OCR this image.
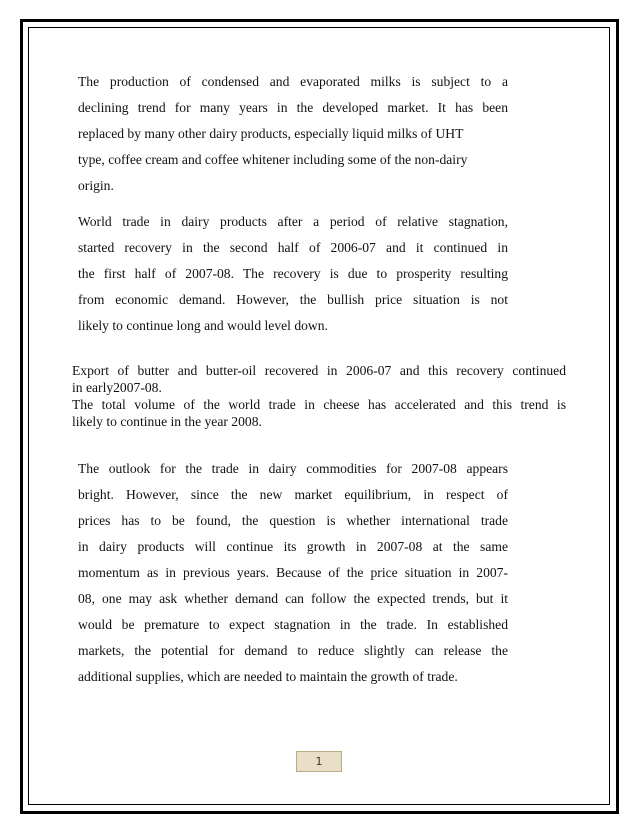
The production of condensed and evaporated milks is subject to a
declining trend for many years in the developed market. It has been
replaced by many other dairy products, especially liquid milks of UHT
type, coffee cream and coffee whitener including some of the non-dairy
origin.
World trade in dairy products after a period of relative stagnation,
started recovery in the second half of 2006-07 and it continued in
the first half of 2007-08. The recovery is due to prosperity resulting
from economic demand. However, the bullish price situation is not
likely to continue long and would level down.
Export of butter and butter-oil recovered in 2006-07 and this recovery continued
in early2007-08.
The total volume of the world trade in cheese has accelerated and this trend is
likely to continue in the year 2008.
The outlook for the trade in dairy commodities for 2007-08 appears
bright. However, since the new market equilibrium, in respect of
prices has to be found, the question is whether international trade
in dairy products will continue its growth in 2007-08 at the same
momentum as in previous years. Because of the price situation in 2007-
08, one may ask whether demand can follow the expected trends, but it
would be premature to expect stagnation in the trade. In established
markets, the potential for demand to reduce slightly can release the
additional supplies, which are needed to maintain the growth of trade.
1
